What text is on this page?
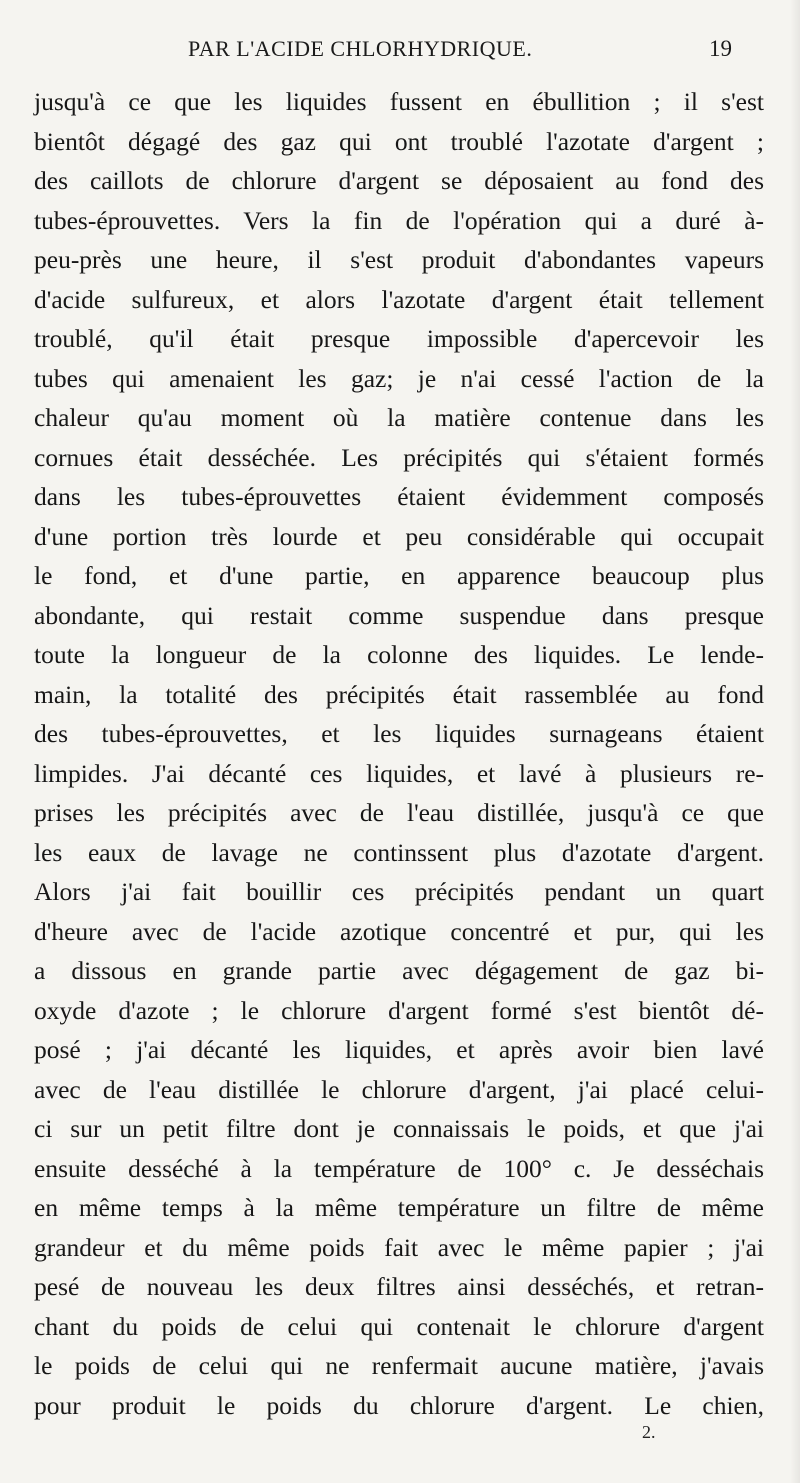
PAR L'ACIDE CHLORHYDRIQUE.	19
jusqu'à ce que les liquides fussent en ébullition ; il s'est
bientôt dégagé des gaz qui ont troublé l'azotate d'argent ;
des caillots de chlorure d'argent se déposaient au fond des
tubes-éprouvettes. Vers la fin de l'opération qui a duré à-
peu-près une heure, il s'est produit d'abondantes vapeurs
d'acide sulfureux, et alors l'azotate d'argent était tellement
troublé, qu'il était presque impossible d'apercevoir les
tubes qui amenaient les gaz; je n'ai cessé l'action de la
chaleur qu'au moment où la matière contenue dans les
cornues était desséchée. Les précipités qui s'étaient formés
dans les tubes-éprouvettes étaient évidemment composés
d'une portion très lourde et peu considérable qui occupait
le fond, et d'une partie, en apparence beaucoup plus
abondante, qui restait comme suspendue dans presque
toute la longueur de la colonne des liquides. Le lende-
main, la totalité des précipités était rassemblée au fond
des tubes-éprouvettes, et les liquides surnageans étaient
limpides. J'ai décanté ces liquides, et lavé à plusieurs re-
prises les précipités avec de l'eau distillée, jusqu'à ce que
les eaux de lavage ne continssent plus d'azotate d'argent.
Alors j'ai fait bouillir ces précipités pendant un quart
d'heure avec de l'acide azotique concentré et pur, qui les
a dissous en grande partie avec dégagement de gaz bi-
oxyde d'azote ; le chlorure d'argent formé s'est bientôt dé-
posé ; j'ai décanté les liquides, et après avoir bien lavé
avec de l'eau distillée le chlorure d'argent, j'ai placé celui-
ci sur un petit filtre dont je connaissais le poids, et que j'ai
ensuite desséché à la température de 100° c. Je desséchais
en même temps à la même température un filtre de même
grandeur et du même poids fait avec le même papier ; j'ai
pesé de nouveau les deux filtres ainsi desséchés, et retran-
chant du poids de celui qui contenait le chlorure d'argent
le poids de celui qui ne renfermait aucune matière, j'avais
pour produit le poids du chlorure d'argent. Le chien,
2.
